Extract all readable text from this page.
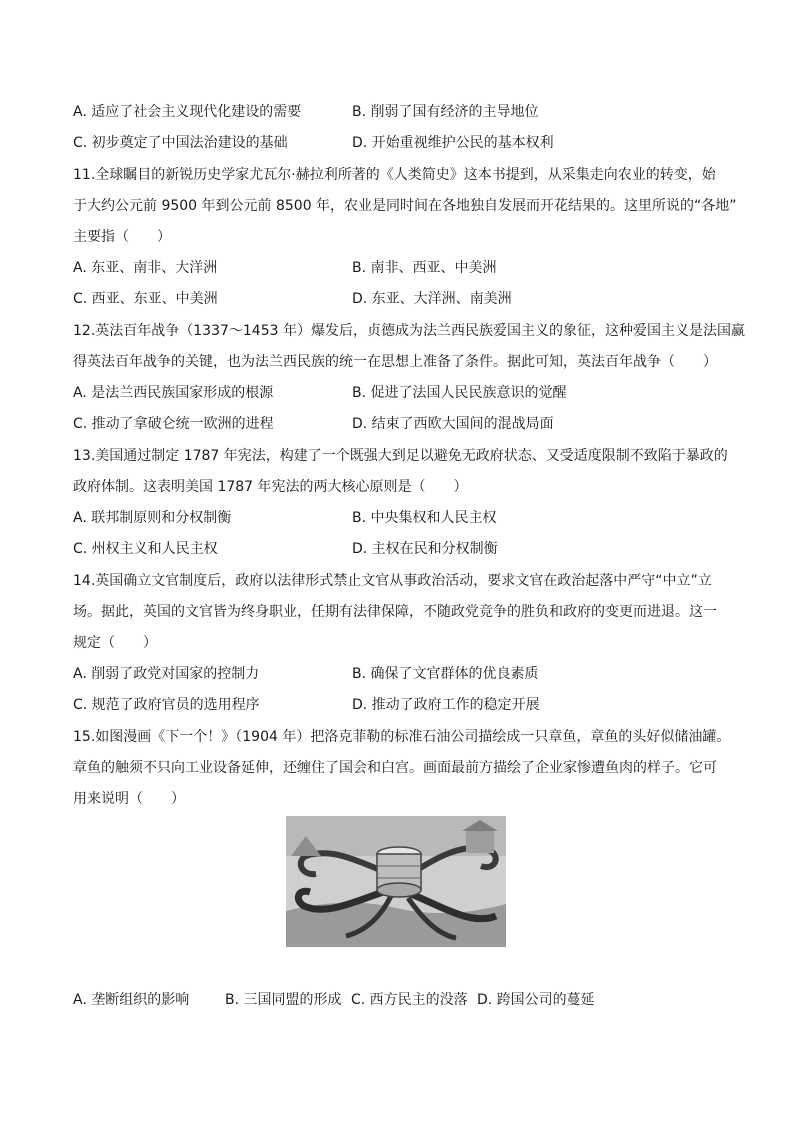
A. 适应了社会主义现代化建设的需要	B. 削弱了国有经济的主导地位
C. 初步奠定了中国法治建设的基础	D. 开始重视维护公民的基本权利
11.全球瞩目的新锐历史学家尤瓦尔·赫拉利所著的《人类简史》这本书提到，从采集走向农业的转变，始
于大约公元前 9500 年到公元前 8500 年，农业是同时间在各地独自发展而开花结果的。这里所说的“各地”
主要指（　　）
A. 东亚、南非、大洋洲	B. 南非、西亚、中美洲
C. 西亚、东亚、中美洲	D. 东亚、大洋洲、南美洲
12.英法百年战争（1337～1453 年）爆发后，贞德成为法兰西民族爱国主义的象征，这种爱国主义是法国赢
得英法百年战争的关键，也为法兰西民族的统一在思想上准备了条件。据此可知，英法百年战争（　　）
A. 是法兰西民族国家形成的根源	B. 促进了法国人民民族意识的觉醒
C. 推动了拿破仑统一欧洲的进程	D. 结束了西欧大国间的混战局面
13.美国通过制定 1787 年宪法，构建了一个既强大到足以避免无政府状态、又受适度限制不致陷于暴政的
政府体制。这表明美国 1787 年宪法的两大核心原则是（　　）
A. 联邦制原则和分权制衡	B. 中央集权和人民主权
C. 州权主义和人民主权	D. 主权在民和分权制衡
14.英国确立文官制度后，政府以法律形式禁止文官从事政治活动，要求文官在政治起落中严守“中立”立
场。据此，英国的文官皆为终身职业，任期有法律保障，不随政党竞争的胜负和政府的变更而进退。这一
规定（　　）
A. 削弱了政党对国家的控制力	B. 确保了文官群体的优良素质
C. 规范了政府官员的选用程序	D. 推动了政府工作的稳定开展
15.如图漫画《下一个！》（1904 年）把洛克菲勒的标准石油公司描绘成一只章鱼，章鱼的头好似储油罐。
章鱼的触须不只向工业设备延伸，还缠住了国会和白宫。画面最前方描绘了企业家惨遭鱼肉的样子。它可
用来说明（　　）
A. 垄断组织的影响	B. 三国同盟的形成 C. 西方民主的没落 D. 跨国公司的蔓延
